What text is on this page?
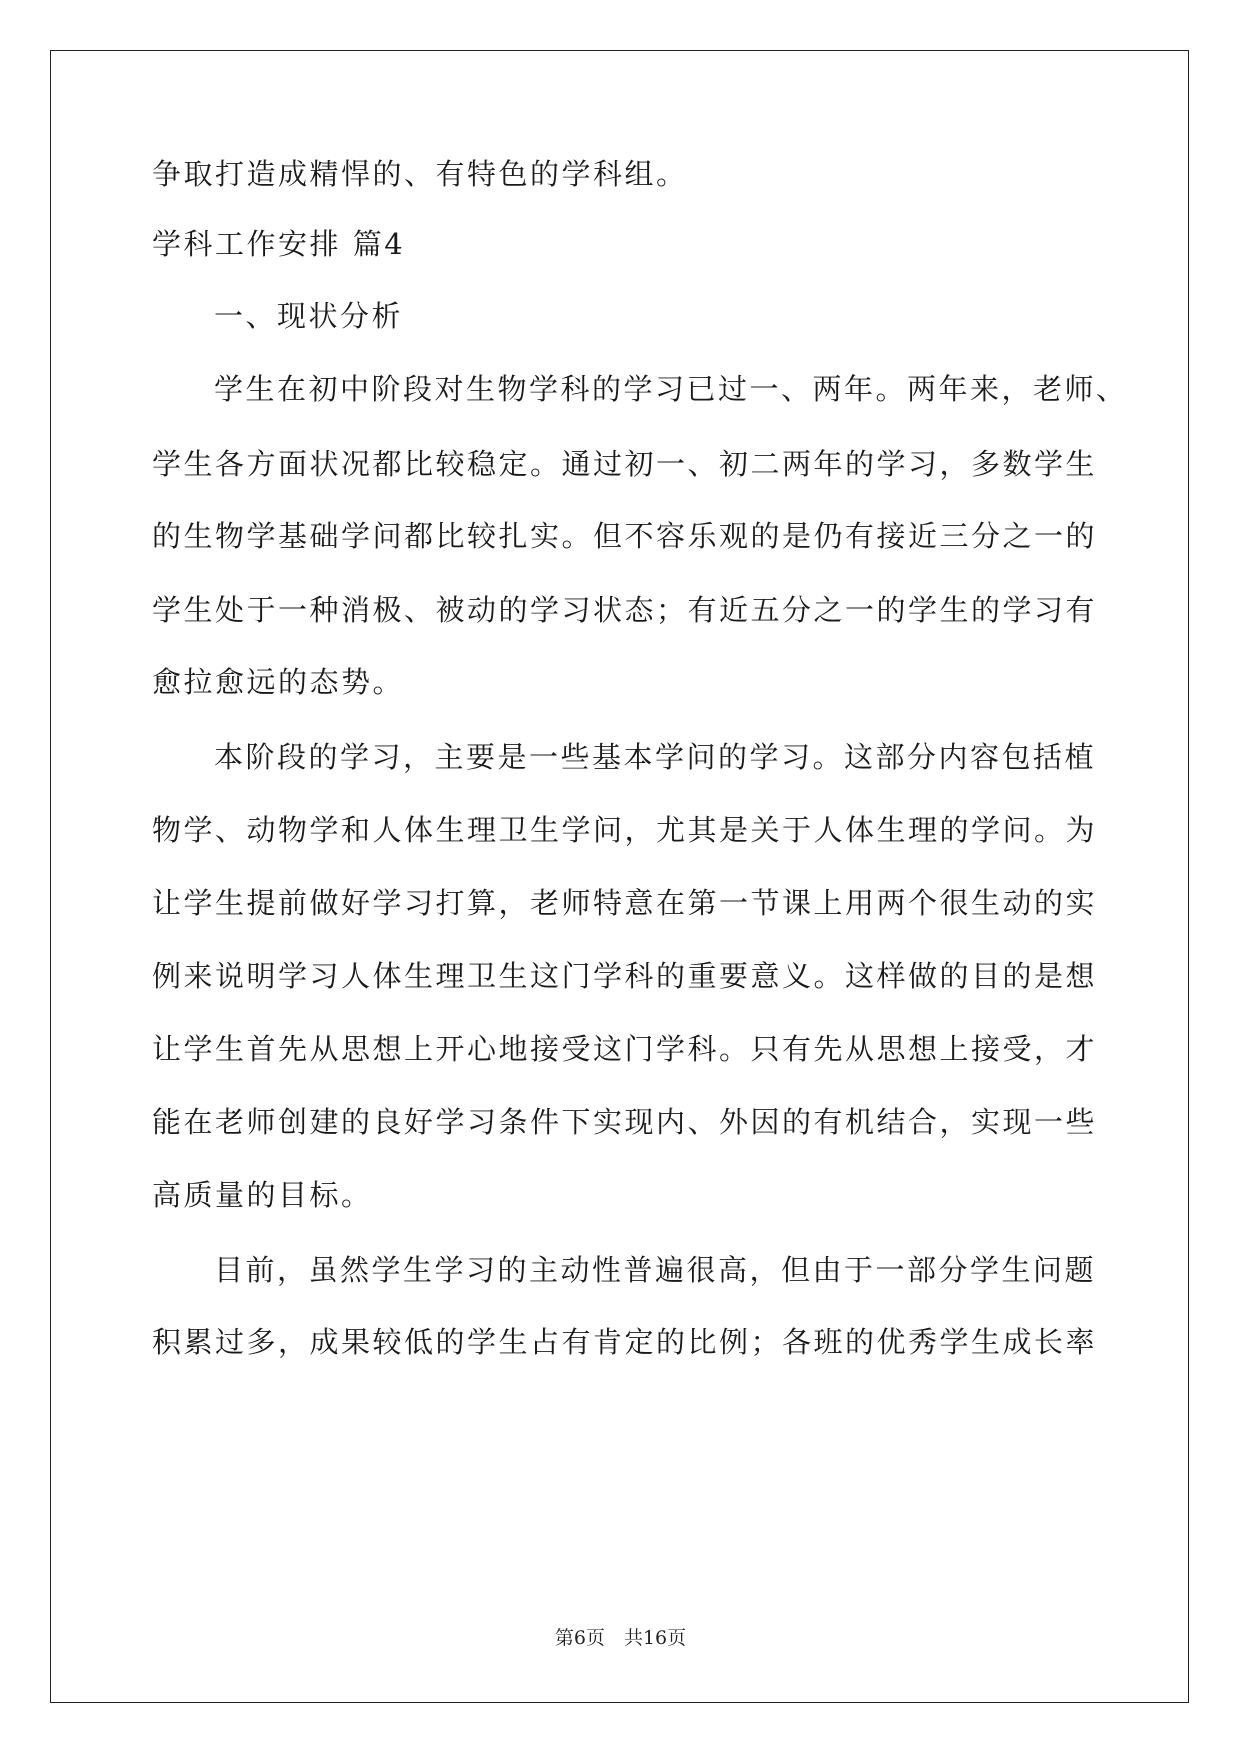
争取打造成精悍的、有特色的学科组。
学科工作安排 篇4
一、现状分析
学生在初中阶段对生物学科的学习已过一、两年。两年来，老师、
学生各方面状况都比较稳定。通过初一、初二两年的学习，多数学生
的生物学基础学问都比较扎实。但不容乐观的是仍有接近三分之一的
学生处于一种消极、被动的学习状态；有近五分之一的学生的学习有
愈拉愈远的态势。
本阶段的学习，主要是一些基本学问的学习。这部分内容包括植
物学、动物学和人体生理卫生学问，尤其是关于人体生理的学问。为
让学生提前做好学习打算，老师特意在第一节课上用两个很生动的实
例来说明学习人体生理卫生这门学科的重要意义。这样做的目的是想
让学生首先从思想上开心地接受这门学科。只有先从思想上接受，才
能在老师创建的良好学习条件下实现内、外因的有机结合，实现一些
高质量的目标。
目前，虽然学生学习的主动性普遍很高，但由于一部分学生问题
积累过多，成果较低的学生占有肯定的比例；各班的优秀学生成长率
第6页　共16页
